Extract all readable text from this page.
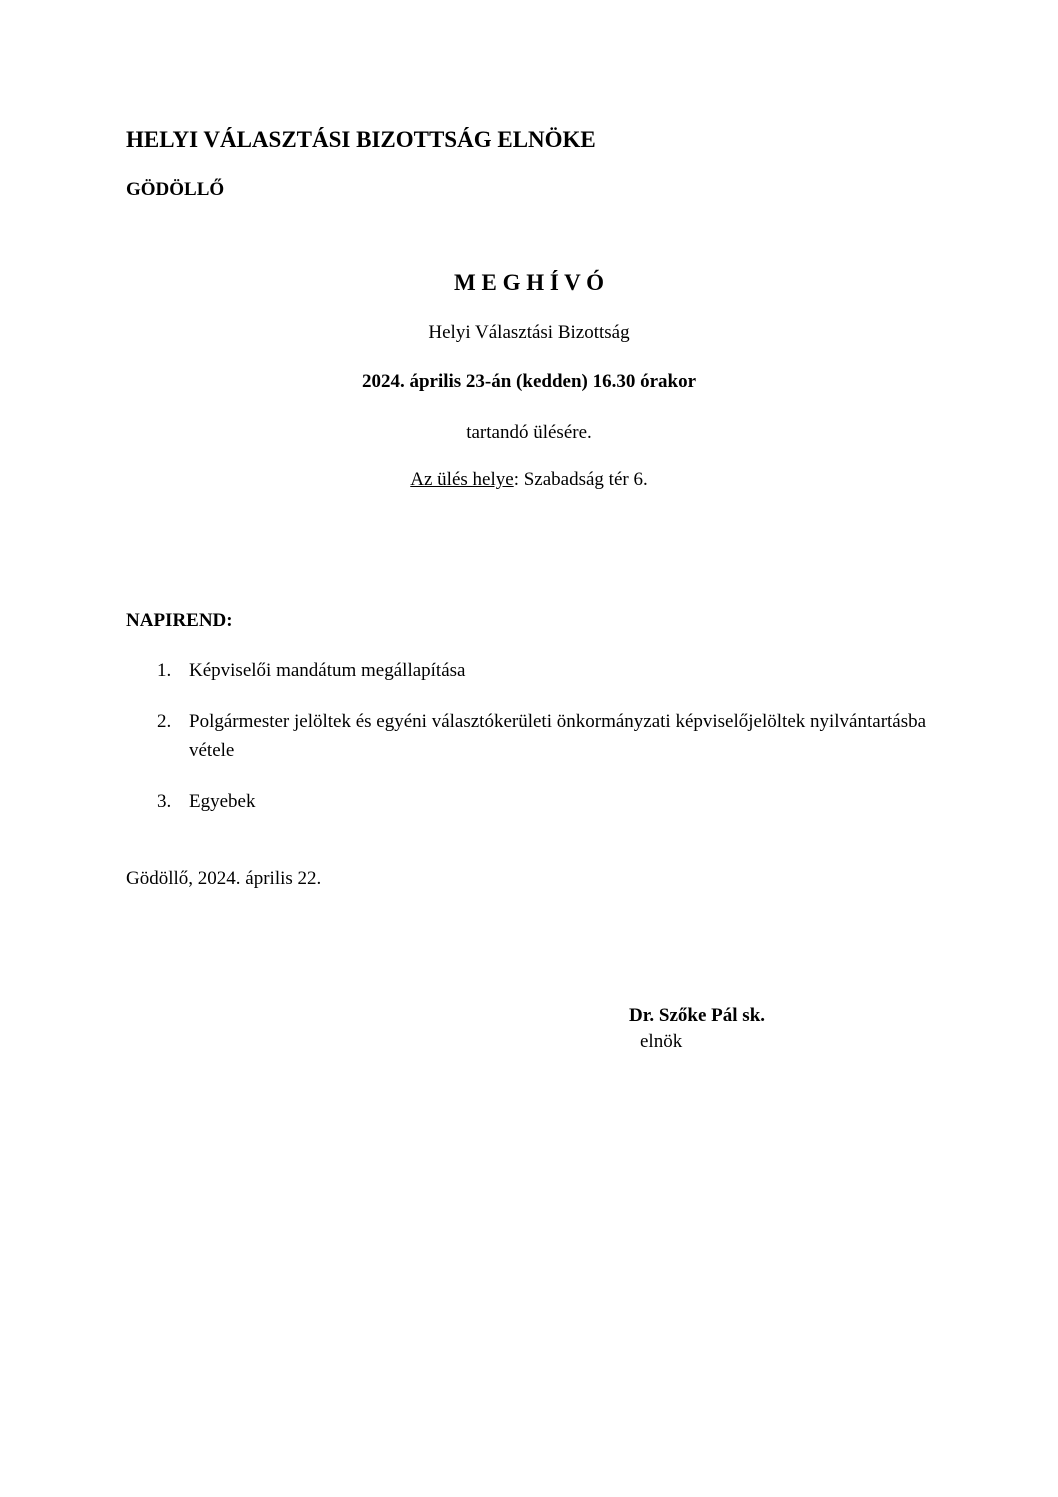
HELYI VÁLASZTÁSI BIZOTTSÁG ELNÖKE
GÖDÖLLŐ
M E G H Í V Ó
Helyi Választási Bizottság
2024. április 23-án (kedden) 16.30 órakor
tartandó ülésére.
Az ülés helye: Szabadság tér 6.
NAPIREND:
1. Képviselői mandátum megállapítása
2. Polgármester jelöltek és egyéni választókerületi önkormányzati képviselőjelöltek nyilvántartásba vétele
3. Egyebek
Gödöllő, 2024. április 22.
Dr. Szőke Pál sk.
elnök
